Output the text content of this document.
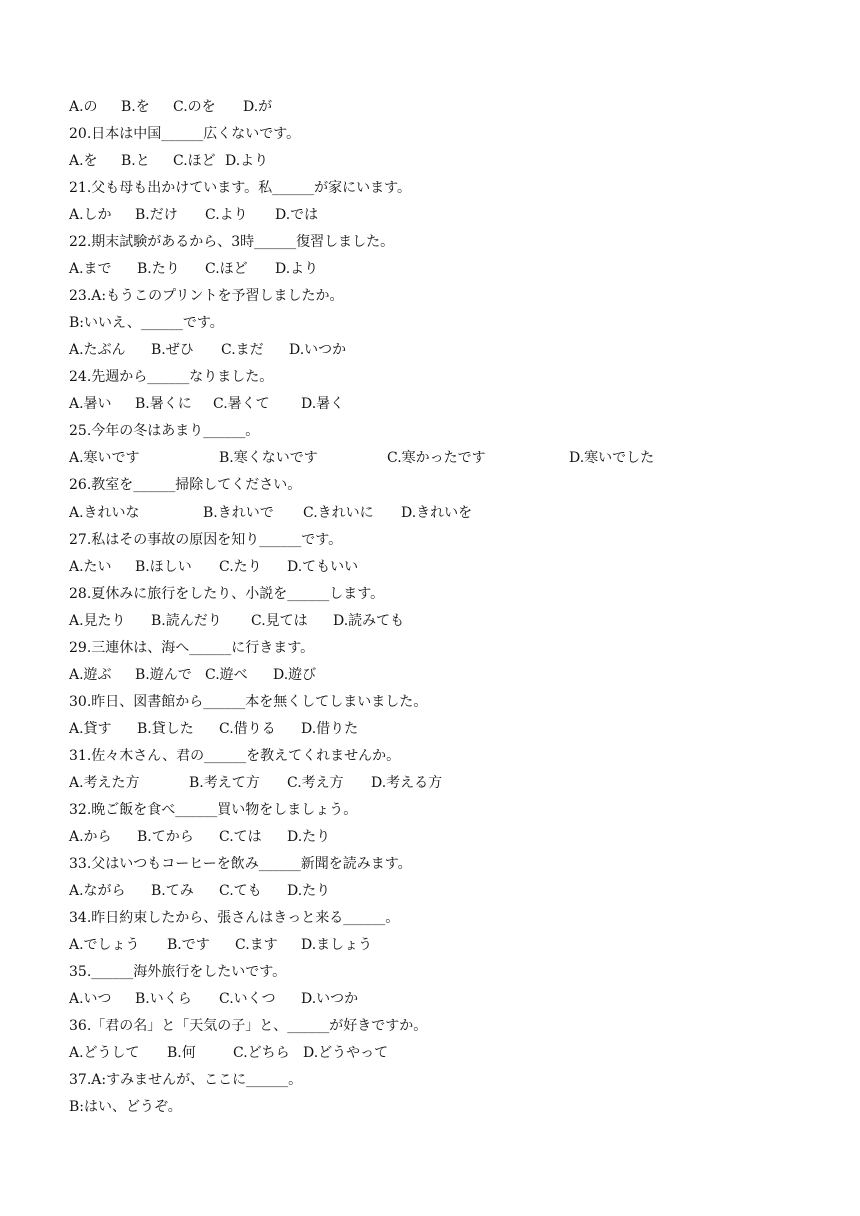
A.の B.を C.のを D.が
20.日本は中国______広くないです。
A.を B.と C.ほど D.より
21.父も母も出かけています。私______が家にいます。
A.しか B.だけ C.より D.では
22.期末試験があるから、3時______復習しました。
A.まで B.たり C.ほど D.より
23.A:もうこのプリントを予習しましたか。
B:いいえ、______です。
A.たぶん B.ぜひ C.まだ D.いつか
24.先週から______なりました。
A.暑い B.暑くに C.暑くて D.暑く
25.今年の冬はあまり______。
A.寒いです	B.寒くないです	C.寒かったです	D.寒いでした
26.教室を______掃除してください。
A.きれいな	B.きれいで C.きれいに D.きれいを
27.私はその事故の原因を知り______です。
A.たい B.ほしい C.たり D.てもいい
28.夏休みに旅行をしたり、小説を______します。
A.見たり B.読んだり C.見ては D.読みても
29.三連休は、海へ______に行きます。
A.遊ぶ B.遊んで C.遊べ D.遊び
30.昨日、図書館から______本を無くしてしまいました。
A.貸す B.貸した C.借りる D.借りた
31.佐々木さん、君の______を教えてくれませんか。
A.考えた方	B.考えて方 C.考え方 D.考える方
32.晩ご飯を食べ______買い物をしましょう。
A.から B.てから C.ては D.たり
33.父はいつもコーヒーを飲み______新聞を読みます。
A.ながら B.てみ C.ても D.たり
34.昨日約束したから、張さんはきっと来る______。
A.でしょう B.です C.ます D.ましょう
35.______海外旅行をしたいです。
A.いつ B.いくら C.いくつ D.いつか
36.「君の名」と「天気の子」と、______が好きですか。
A.どうして B.何	C.どちら D.どうやって
37.A:すみませんが、ここに______。
B:はい、どうぞ。
